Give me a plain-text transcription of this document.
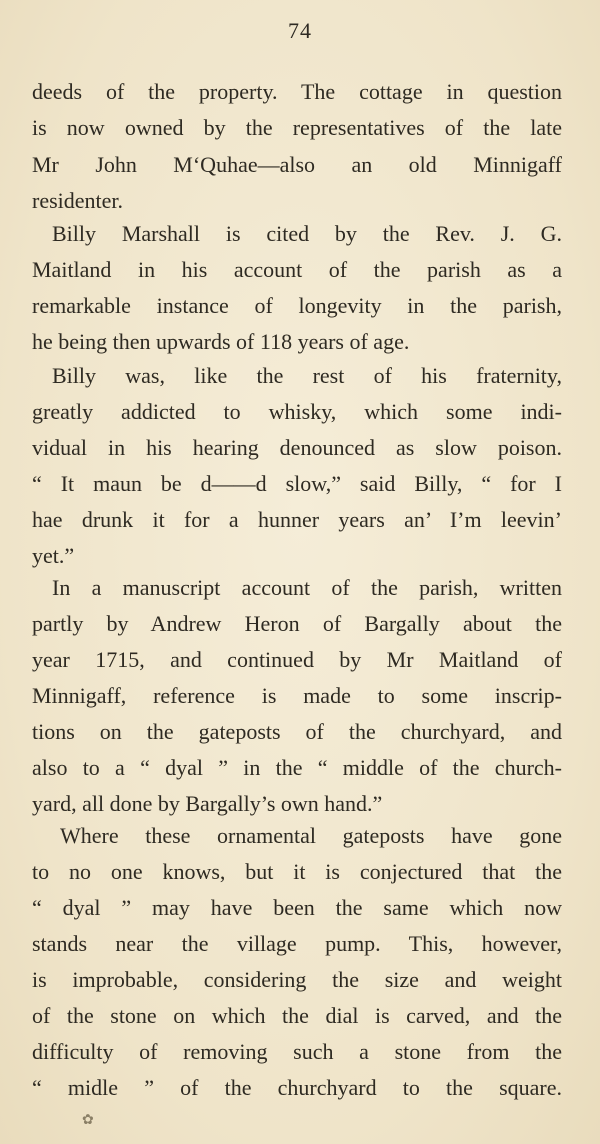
74
deeds of the property. The cottage in question
is now owned by the representatives of the late
Mr John M‘Quhae—also an old Minnigaff
residenter.
Billy Marshall is cited by the Rev. J. G.
Maitland in his account of the parish as a
remarkable instance of longevity in the parish,
he being then upwards of 118 years of age.
Billy was, like the rest of his fraternity,
greatly addicted to whisky, which some indi-
vidual in his hearing denounced as slow poison.
“ It maun be d——d slow,” said Billy, “ for I
hae drunk it for a hunner years an’ I’m leevin’
yet.”
In a manuscript account of the parish, written
partly by Andrew Heron of Bargally about the
year 1715, and continued by Mr Maitland of
Minnigaff, reference is made to some inscrip-
tions on the gateposts of the churchyard, and
also to a “ dyal ” in the “ middle of the church-
yard, all done by Bargally’s own hand.”
Where these ornamental gateposts have gone
to no one knows, but it is conjectured that the
“ dyal ” may have been the same which now
stands near the village pump. This, however,
is improbable, considering the size and weight
of the stone on which the dial is carved, and the
difficulty of removing such a stone from the
“ midle ” of the churchyard to the square.
✿
